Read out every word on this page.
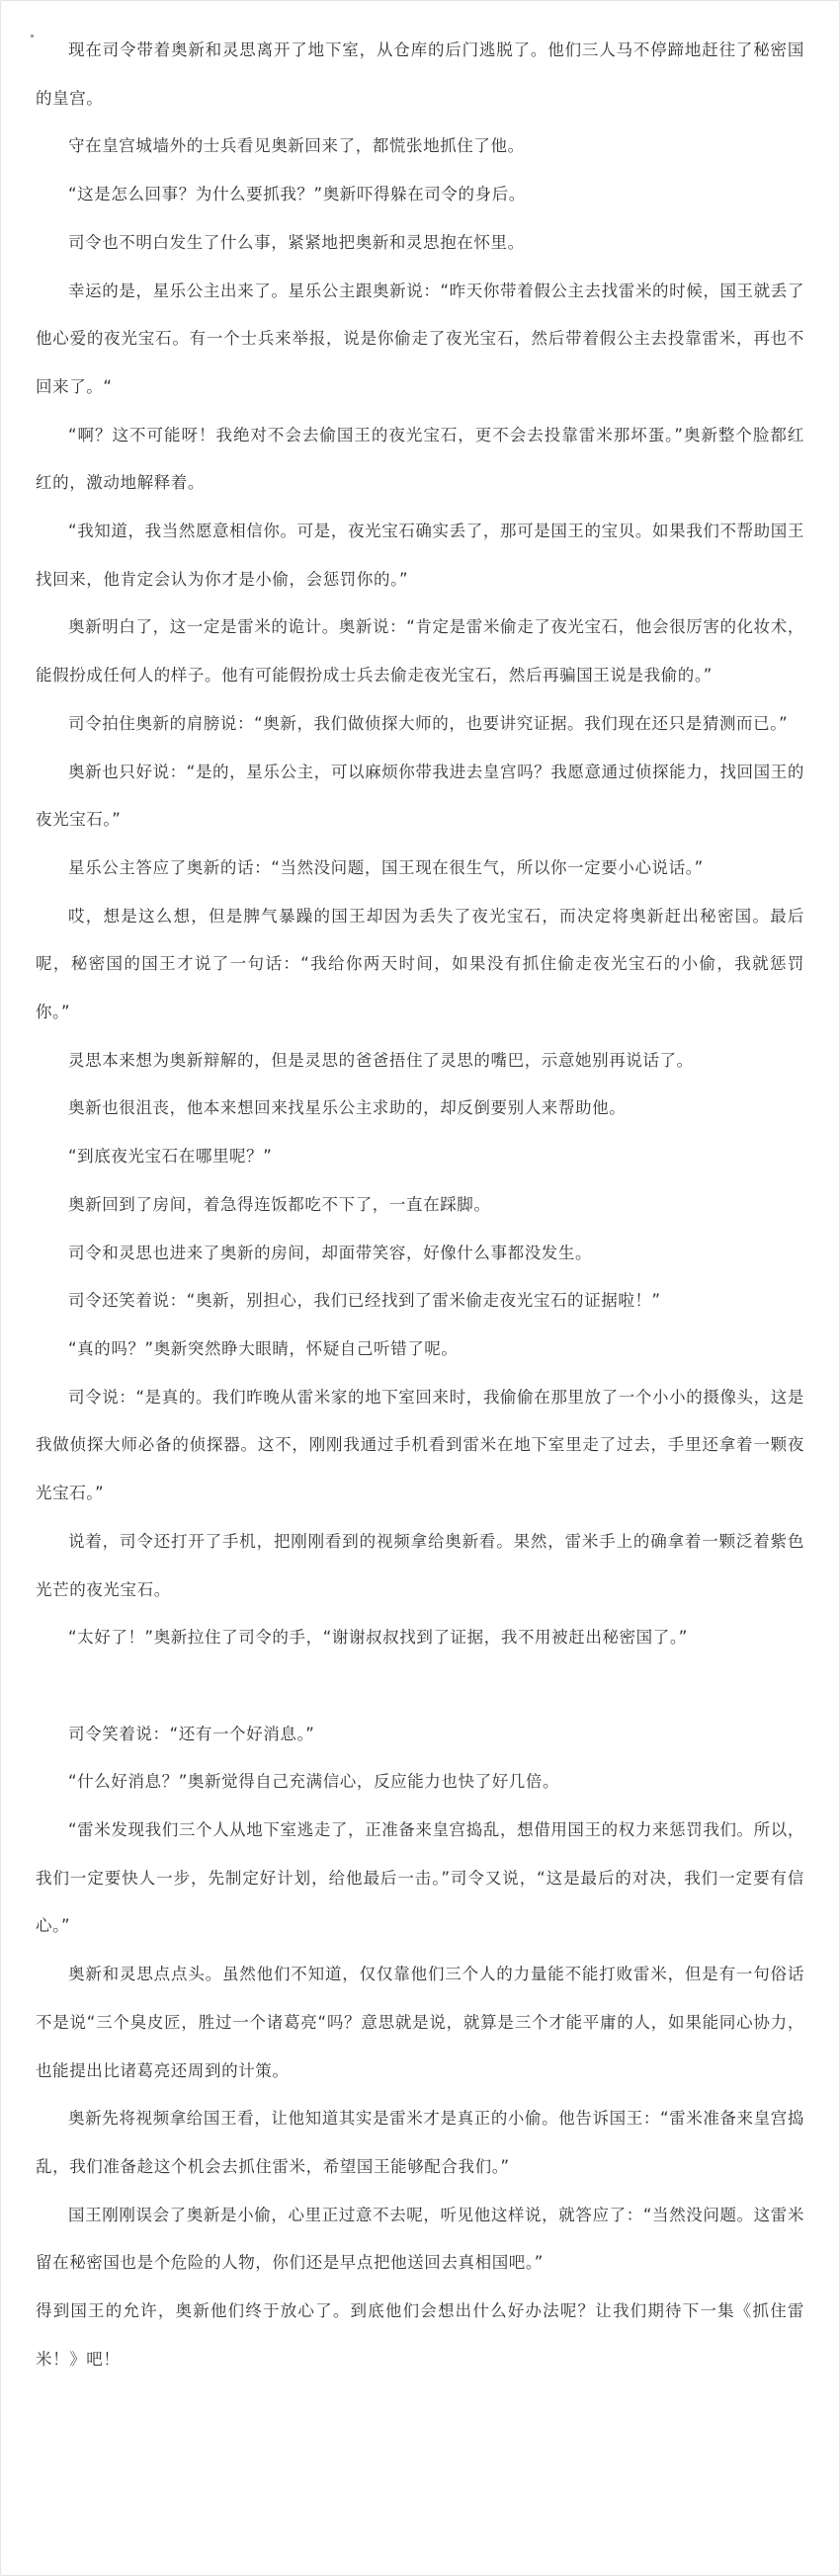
现在司令带着奥新和灵思离开了地下室，从仓库的后门逃脱了。他们三人马不停蹄地赶往了秘密国的皇宫。

守在皇宫城墙外的士兵看见奥新回来了，都慌张地抓住了他。

“这是怎么回事？为什么要抓我？”奥新吓得躲在司令的身后。

司令也不明白发生了什么事，紧紧地把奥新和灵思抱在怀里。

幸运的是，星乐公主出来了。星乐公主跟奥新说：“昨天你带着假公主去找雷米的时候，国王就丢了他心爱的夜光宝石。有一个士兵来举报，说是你偷走了夜光宝石，然后带着假公主去投靠雷米，再也不回来了。“

“啊？这不可能呀！我绝对不会去偷国王的夜光宝石，更不会去投靠雷米那坏蛋。”奥新整个脸都红红的，激动地解释着。

“我知道，我当然愿意相信你。可是，夜光宝石确实丢了，那可是国王的宝贝。如果我们不帮助国王找回来，他肯定会认为你才是小偷，会惩罚你的。”

奥新明白了，这一定是雷米的诡计。奥新说：“肯定是雷米偷走了夜光宝石，他会很厉害的化妆术，能假扮成任何人的样子。他有可能假扮成士兵去偷走夜光宝石，然后再骗国王说是我偷的。”

司令拍住奥新的肩膀说：“奥新，我们做侦探大师的，也要讲究证据。我们现在还只是猜测而已。”

奥新也只好说：“是的，星乐公主，可以麻烦你带我进去皇宫吗？我愿意通过侦探能力，找回国王的夜光宝石。”

星乐公主答应了奥新的话：“当然没问题，国王现在很生气，所以你一定要小心说话。”

哎，想是这么想，但是脾气暴躁的国王却因为丢失了夜光宝石，而决定将奥新赶出秘密国。最后呢，秘密国的国王才说了一句话：“我给你两天时间，如果没有抓住偷走夜光宝石的小偷，我就惩罚你。”

灵思本来想为奥新辩解的，但是灵思的爸爸捂住了灵思的嘴巴，示意她别再说话了。

奥新也很沮丧，他本来想回来找星乐公主求助的，却反倒要别人来帮助他。

“到底夜光宝石在哪里呢？”

奥新回到了房间，着急得连饭都吃不下了，一直在踩脚。

司令和灵思也进来了奥新的房间，却面带笑容，好像什么事都没发生。

司令还笑着说：“奥新，别担心，我们已经找到了雷米偷走夜光宝石的证据啦！”

“真的吗？”奥新突然睁大眼睛，怀疑自己听错了呢。

司令说：“是真的。我们昨晚从雷米家的地下室回来时，我偷偷在那里放了一个小小的摄像头，这是我做侦探大师必备的侦探器。这不，刚刚我通过手机看到雷米在地下室里走了过去，手里还拿着一颗夜光宝石。”

说着，司令还打开了手机，把刚刚看到的视频拿给奥新看。果然，雷米手上的确拿着一颗泛着紫色光芒的夜光宝石。

“太好了！”奥新拉住了司令的手，“谢谢叔叔找到了证据，我不用被赶出秘密国了。”

司令笑着说：“还有一个好消息。”

“什么好消息？”奥新觉得自己充满信心，反应能力也快了好几倍。

“雷米发现我们三个人从地下室逃走了，正准备来皇宫捣乱，想借用国王的权力来惩罚我们。所以，我们一定要快人一步，先制定好计划，给他最后一击。”司令又说，“这是最后的对决，我们一定要有信心。”

奥新和灵思点点头。虽然他们不知道，仅仅靠他们三个人的力量能不能打败雷米，但是有一句俗话不是说“三个臭皮匠，胜过一个诸葛亮“吗？意思就是说，就算是三个才能平庸的人，如果能同心协力，也能提出比诸葛亮还周到的计策。

奥新先将视频拿给国王看，让他知道其实是雷米才是真正的小偷。他告诉国王：“雷米准备来皇宫捣乱，我们准备趁这个机会去抓住雷米，希望国王能够配合我们。”

国王刚刚误会了奥新是小偷，心里正过意不去呢，听见他这样说，就答应了：“当然没问题。这雷米留在秘密国也是个危险的人物，你们还是早点把他送回去真相国吧。”

得到国王的允许，奥新他们终于放心了。到底他们会想出什么好办法呢？让我们期待下一集《抓住雷米！》吧！
